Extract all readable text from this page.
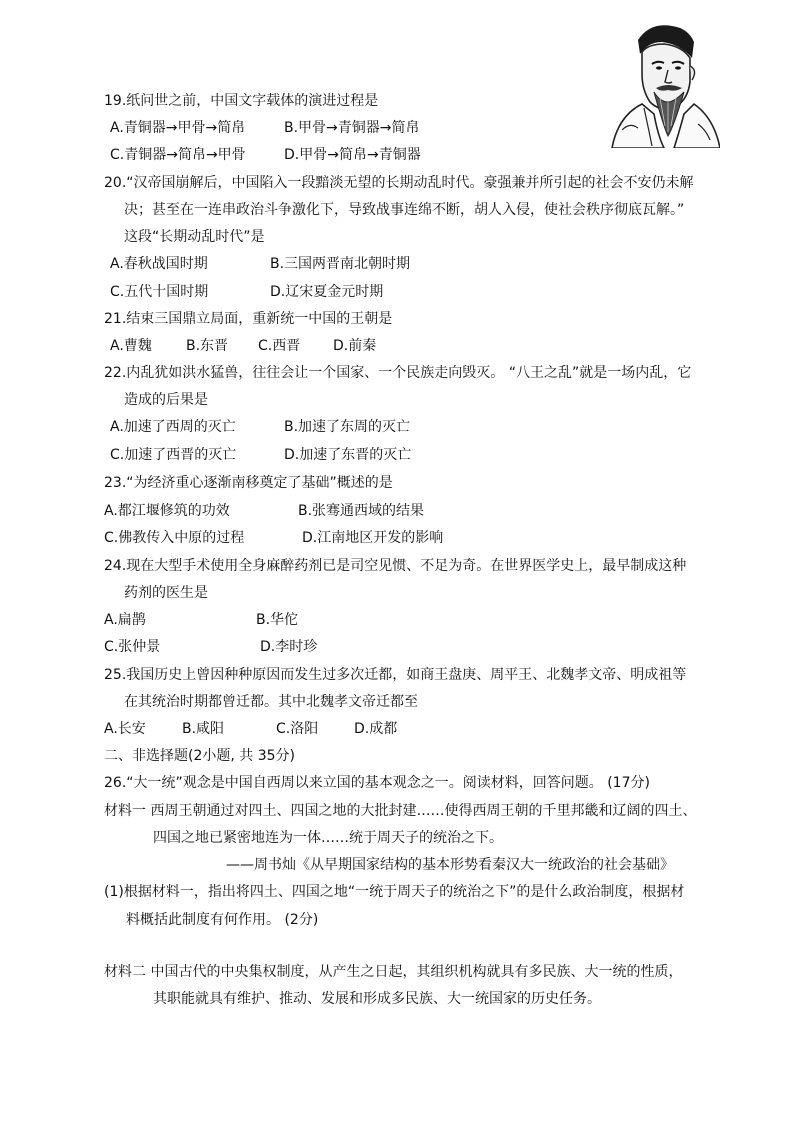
19.纸问世之前，中国文字载体的演进过程是
A.青铜器→甲骨→简帛	B.甲骨→青铜器→简帛
C.青铜器→简帛→甲骨	D.甲骨→简帛→青铜器
20.“汉帝国崩解后，中国陷入一段黯淡无望的长期动乱时代。豪强兼并所引起的社会不安仍未解
决；甚至在一连串政治斗争激化下，导致战事连绵不断，胡人入侵，使社会秩序彻底瓦解。”
这段“长期动乱时代”是
A.春秋战国时期	B.三国两晋南北朝时期
C.五代十国时期	D.辽宋夏金元时期
21.结束三国鼎立局面，重新统一中国的王朝是
A.曹魏 B.东晋 C.西晋 D.前秦
22.内乱犹如洪水猛兽，往往会让一个国家、一个民族走向毁灭。 “八王之乱”就是一场内乱，它
造成的后果是
A.加速了西周的灭亡	B.加速了东周的灭亡
C.加速了西晋的灭亡	D.加速了东晋的灭亡
23.“为经济重心逐渐南移奠定了基础”概述的是
A.都江堰修筑的功效	B.张骞通西域的结果
C.佛教传入中原的过程	D.江南地区开发的影响
24.现在大型手术使用全身麻醉药剂已是司空见惯、不足为奇。在世界医学史上，最早制成这种
药剂的医生是
A.扁鹊	B.华佗
C.张仲景	D.李时珍
25.我国历史上曾因种种原因而发生过多次迁都，如商王盘庚、周平王、北魏孝文帝、明成祖等
在其统治时期都曾迁都。其中北魏孝文帝迁都至
A.长安	B.咸阳	C.洛阳	D.成都
二、非选择题(2小题, 共 35分)
26.“大一统”观念是中国自西周以来立国的基本观念之一。阅读材料，回答问题。 (17分)
材料一 西周王朝通过对四土、四国之地的大批封建……使得西周王朝的千里邦畿和辽阔的四土、
四国之地已紧密地连为一体……统于周天子的统治之下。
——周书灿《从早期国家结构的基本形势看秦汉大一统政治的社会基础》
(1)根据材料一，指出将四土、四国之地“一统于周天子的统治之下”的是什么政治制度，根据材
料概括此制度有何作用。 (2分)
材料二 中国古代的中央集权制度，从产生之日起，其组织机构就具有多民族、大一统的性质，
其职能就具有维护、推动、发展和形成多民族、大一统国家的历史任务。
